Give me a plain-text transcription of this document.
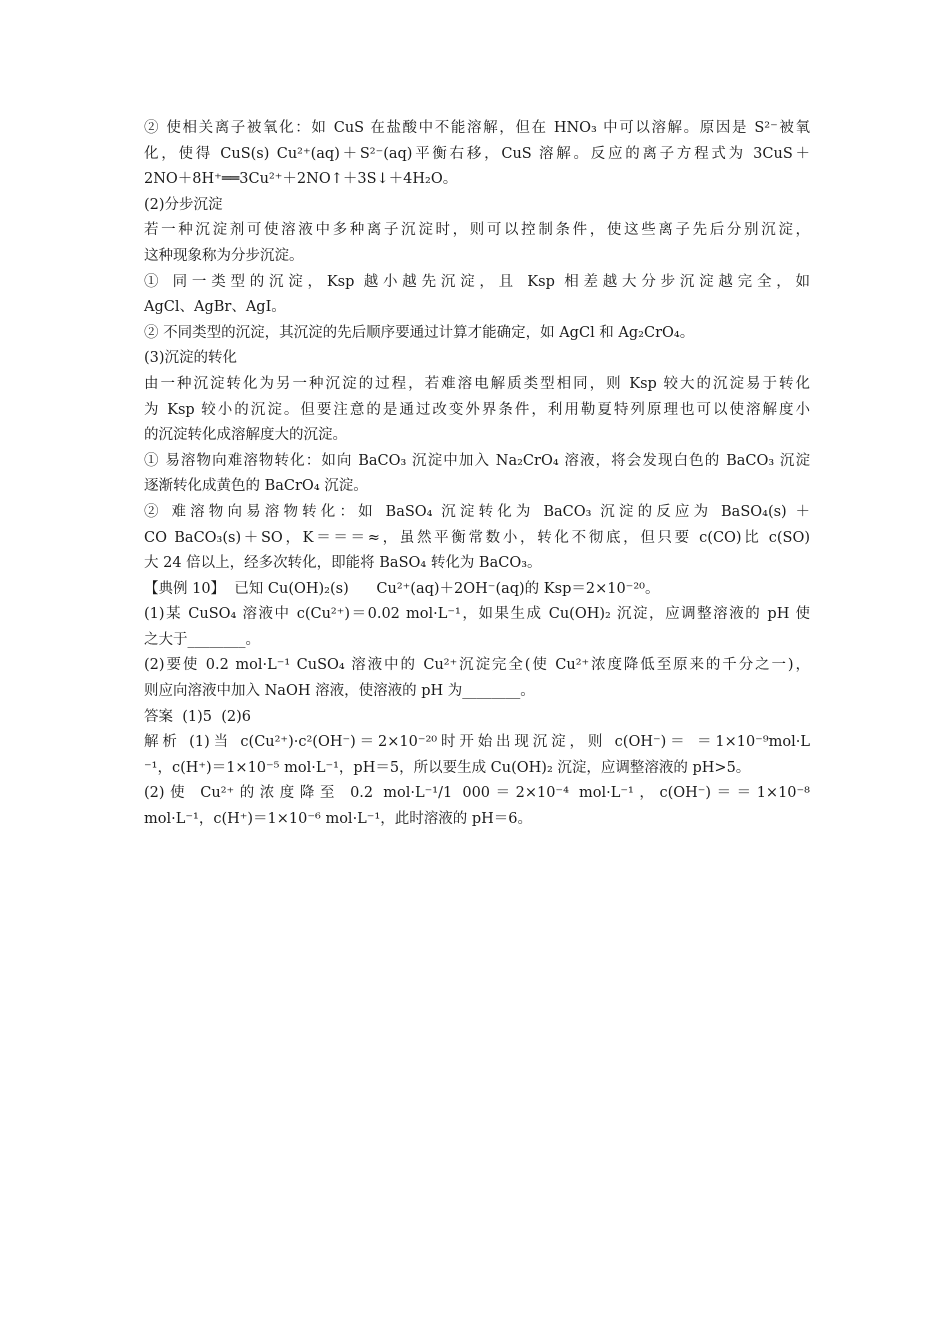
② 使相关离子被氧化：如 CuS 在盐酸中不能溶解，但在 HNO₃ 中可以溶解。原因是 S²⁻被氧
化，使得 CuS(s) Cu²⁺(aq)＋S²⁻(aq)平衡右移，CuS 溶解。反应的离子方程式为 3CuS＋
2NO＋8H⁺══3Cu²⁺＋2NO↑＋3S↓＋4H₂O。
(2)分步沉淀
若一种沉淀剂可使溶液中多种离子沉淀时，则可以控制条件，使这些离子先后分别沉淀，
这种现象称为分步沉淀。
① 同一类型的沉淀，Ksp 越小越先沉淀，且 Ksp 相差越大分步沉淀越完全，如
AgCl、AgBr、AgI。
② 不同类型的沉淀，其沉淀的先后顺序要通过计算才能确定，如 AgCl 和 Ag₂CrO₄。
(3)沉淀的转化
由一种沉淀转化为另一种沉淀的过程，若难溶电解质类型相同，则 Ksp 较大的沉淀易于转化
为 Ksp 较小的沉淀。但要注意的是通过改变外界条件，利用勒夏特列原理也可以使溶解度小
的沉淀转化成溶解度大的沉淀。
① 易溶物向难溶物转化：如向 BaCO₃ 沉淀中加入 Na₂CrO₄ 溶液，将会发现白色的 BaCO₃ 沉淀
逐渐转化成黄色的 BaCrO₄ 沉淀。
② 难溶物向易溶物转化：如 BaSO₄ 沉淀转化为 BaCO₃ 沉淀的反应为 BaSO₄(s) ＋
CO BaCO₃(s)＋SO，K＝＝＝≈，虽然平衡常数小，转化不彻底，但只要 c(CO)比 c(SO)
大 24 倍以上，经多次转化，即能将 BaSO₄ 转化为 BaCO₃。
【典例 10】  已知 Cu(OH)₂(s)      Cu²⁺(aq)＋2OH⁻(aq)的 Ksp＝2×10⁻²⁰。
(1)某 CuSO₄ 溶液中 c(Cu²⁺)＝0.02 mol·L⁻¹，如果生成 Cu(OH)₂ 沉淀，应调整溶液的 pH 使
之大于________。
(2)要使 0.2 mol·L⁻¹ CuSO₄ 溶液中的 Cu²⁺沉淀完全(使 Cu²⁺浓度降低至原来的千分之一)，
则应向溶液中加入 NaOH 溶液，使溶液的 pH 为________。
答案  (1)5  (2)6
解析 (1)当 c(Cu²⁺)·c²(OH⁻)＝2×10⁻²⁰时开始出现沉淀，则 c(OH⁻)＝ ＝1×10⁻⁹mol·L
⁻¹，c(H⁺)＝1×10⁻⁵ mol·L⁻¹，pH＝5，所以要生成 Cu(OH)₂ 沉淀，应调整溶液的 pH>5。
(2)使 Cu²⁺的浓度降至 0.2 mol·L⁻¹/1 000＝2×10⁻⁴ mol·L⁻¹，c(OH⁻)＝＝1×10⁻⁸
mol·L⁻¹，c(H⁺)＝1×10⁻⁶ mol·L⁻¹，此时溶液的 pH＝6。
